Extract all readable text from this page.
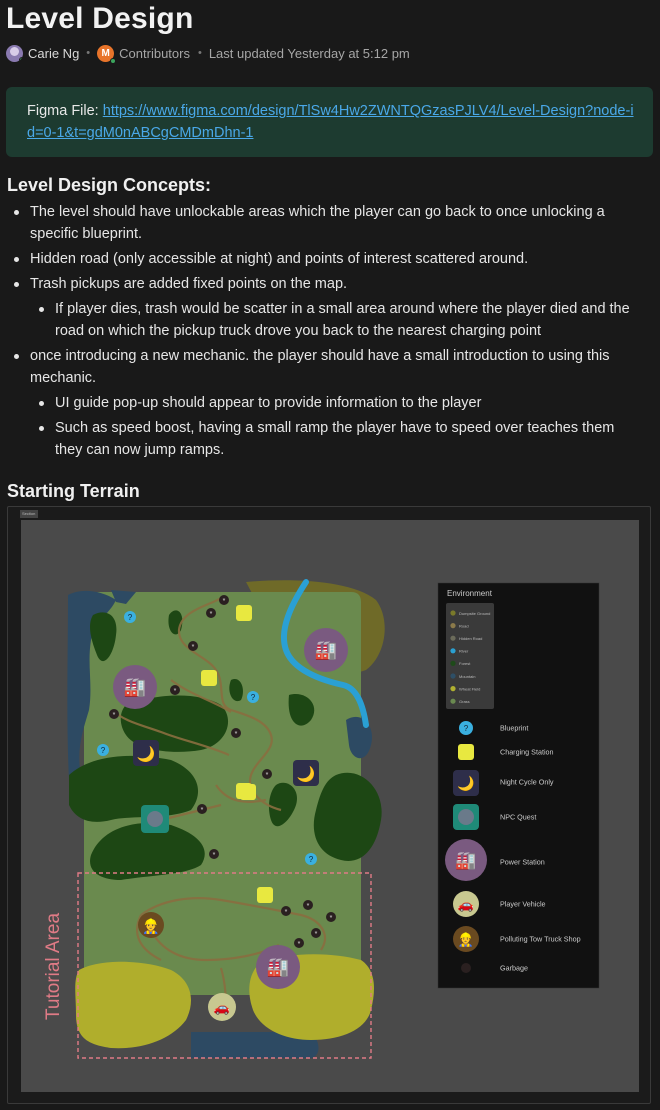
Level Design
Carie Ng • M Contributors • Last updated Yesterday at 5:12 pm
Figma File: https://www.figma.com/design/TlSw4Hw2ZWNTQGzasPJLV4/Level-Design?node-id=0-1&t=gdM0nABCgCMDmDhn-1
Level Design Concepts:
The level should have unlockable areas which the player can go back to once unlocking a specific blueprint.
Hidden road (only accessible at night) and points of interest scattered around.
Trash pickups are added fixed points on the map.
If player dies, trash would be scatter in a small area around where the player died and the road on which the pickup truck drove you back to the nearest charging point
once introducing a new mechanic. the player should have a small introduction to using this mechanic.
UI guide pop-up should appear to provide information to the player
Such as speed boost, having a small ramp the player have to speed over teaches them they can now jump ramps.
Starting Terrain
Section
Tutorial Area
🏭
🏭
🏭
🌙
🌙
👷
🚗
?
?
?
?
*
*
*
*
*
*
*
*
*
*
*
*
*
*
Environment
Dumpsite Ground
Road
Hidden Road
River
Forest
Mountain
Wheat Field
Grass
?	Blueprint
Charging Station
🌙	Night Cycle Only
NPC Quest
🏭	Power Station
🚗	Player Vehicle
👷	Polluting Tow Truck Shop
Garbage
